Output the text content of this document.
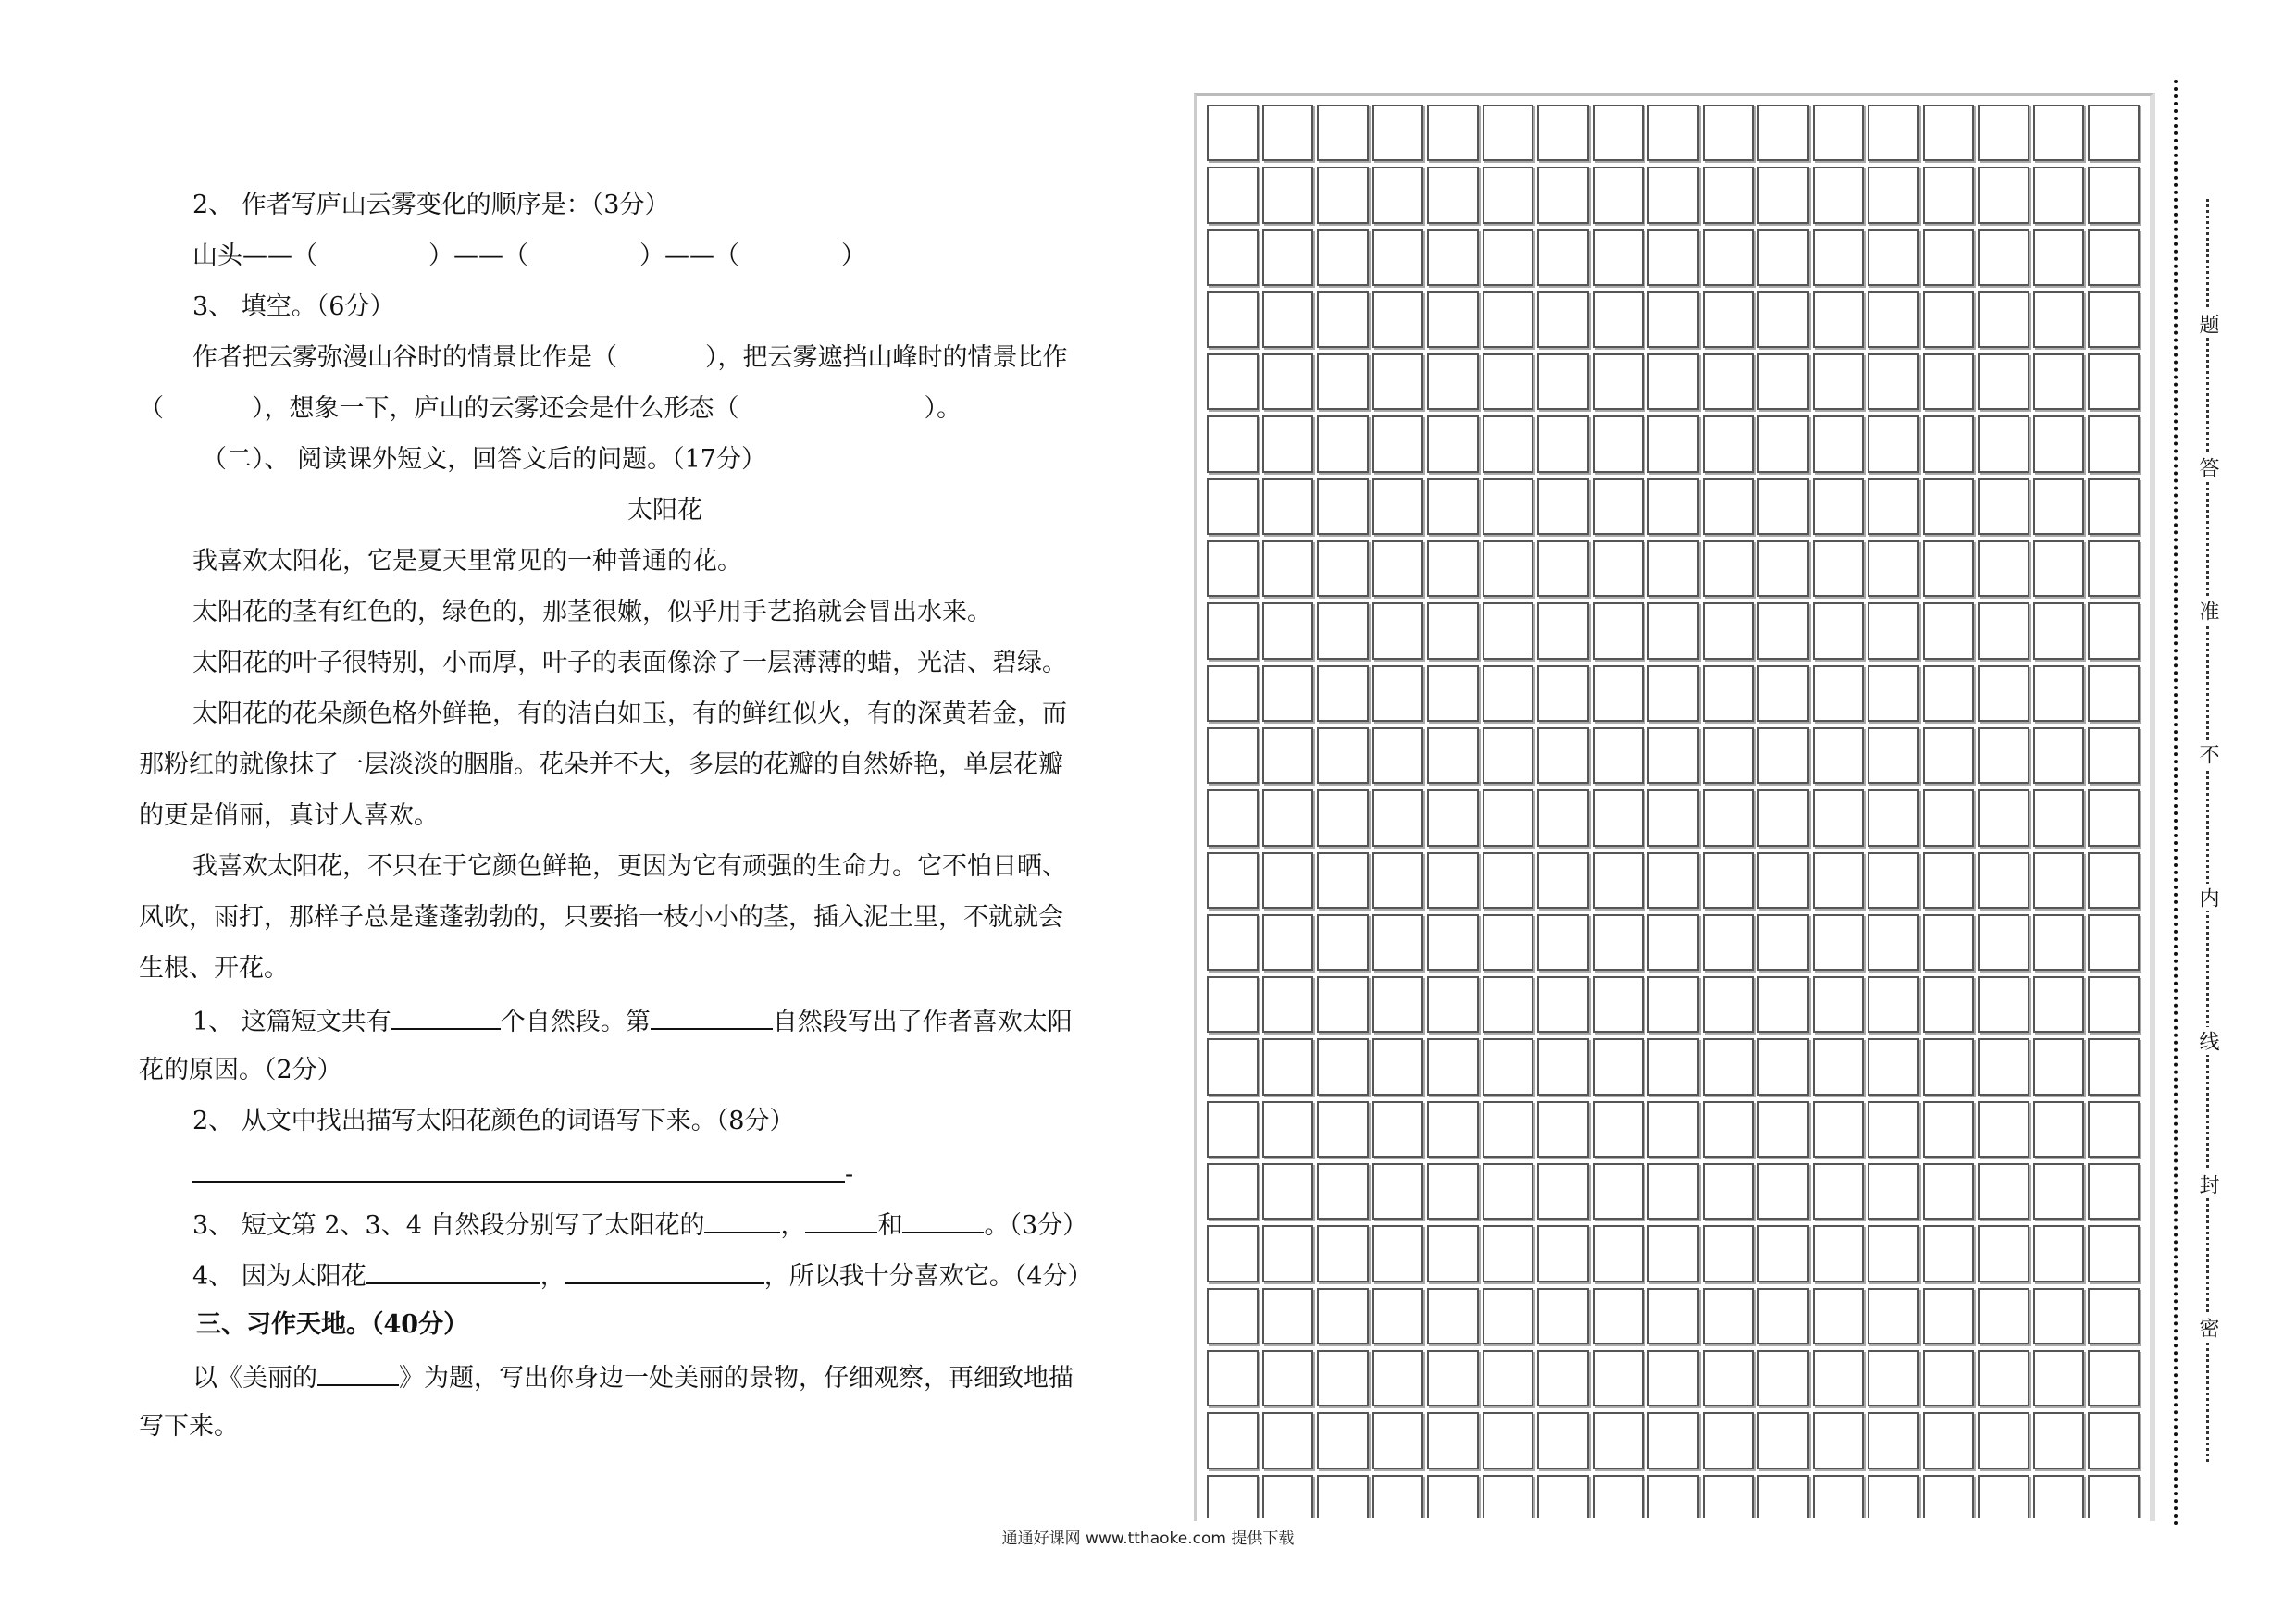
2、 作者写庐山云雾变化的顺序是：（3分）
山头——（	）——（	）——（	）
3、 填空。（6分）
作者把云雾弥漫山谷时的情景比作是（	），把云雾遮挡山峰时的情景比作
（	），想象一下，庐山的云雾还会是什么形态（	）。
（二）、 阅读课外短文，回答文后的问题。（17分）
太阳花
我喜欢太阳花，它是夏天里常见的一种普通的花。
太阳花的茎有红色的，绿色的，那茎很嫩，似乎用手艺掐就会冒出水来。
太阳花的叶子很特别，小而厚，叶子的表面像涂了一层薄薄的蜡，光洁、碧绿。
太阳花的花朵颜色格外鲜艳，有的洁白如玉，有的鲜红似火，有的深黄若金，而
那粉红的就像抹了一层淡淡的胭脂。花朵并不大，多层的花瓣的自然娇艳，单层花瓣
的更是俏丽，真讨人喜欢。
我喜欢太阳花，不只在于它颜色鲜艳，更因为它有顽强的生命力。它不怕日晒、
风吹，雨打，那样子总是蓬蓬勃勃的，只要掐一枝小小的茎，插入泥土里，不就就会
生根、开花。
1、 这篇短文共有	个自然段。第	自然段写出了作者喜欢太阳
花的原因。（2分）
2、 从文中找出描写太阳花颜色的词语写下来。（8分）
-
3、 短文第 2、3、4 自然段分别写了太阳花的	，	和	。（3分）
4、 因为太阳花	，	，所以我十分喜欢它。（4分）
三、习作天地。（40分）
以《美丽的	》为题，写出你身边一处美丽的景物，仔细观察，再细致地描
写下来。
密
封
线
内
不
准
答
题
通通好课网 www.tthaoke.com 提供下载
